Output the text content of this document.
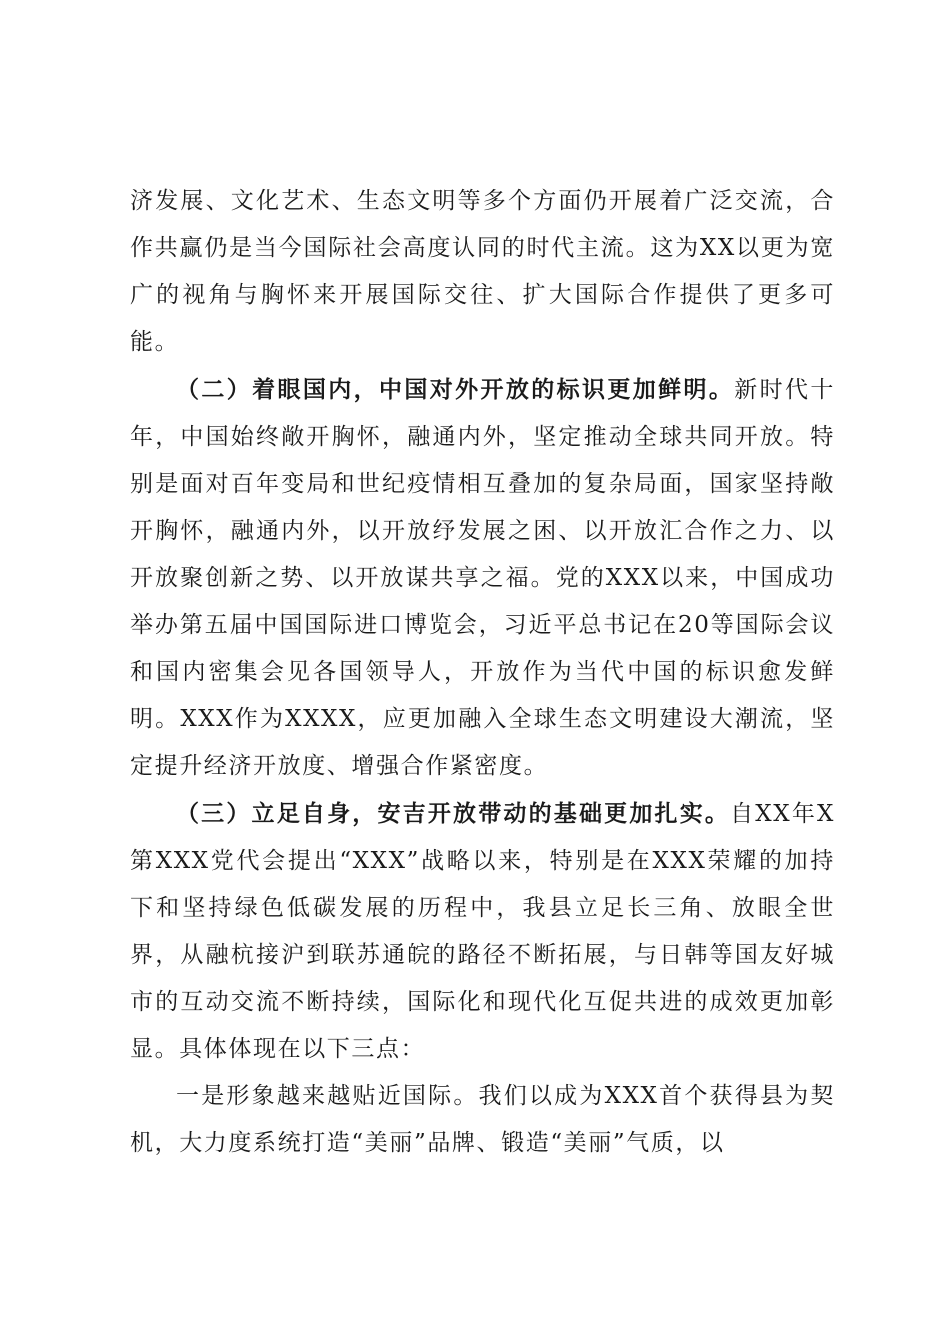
济发展、文化艺术、生态文明等多个方面仍开展着广泛交流，合作共赢仍是当今国际社会高度认同的时代主流。这为XX以更为宽广的视角与胸怀来开展国际交往、扩大国际合作提供了更多可能。

（二）着眼国内，中国对外开放的标识更加鲜明。新时代十年，中国始终敞开胸怀，融通内外，坚定推动全球共同开放。特别是面对百年变局和世纪疫情相互叠加的复杂局面，国家坚持敞开胸怀，融通内外，以开放纾发展之困、以开放汇合作之力、以开放聚创新之势、以开放谋共享之福。党的XXX以来，中国成功举办第五届中国国际进口博览会，习近平总书记在20等国际会议和国内密集会见各国领导人，开放作为当代中国的标识愈发鲜明。XXX作为XXXX，应更加融入全球生态文明建设大潮流，坚定提升经济开放度、增强合作紧密度。

（三）立足自身，安吉开放带动的基础更加扎实。自XX年X第XXX党代会提出“XXX”战略以来，特别是在XXX荣耀的加持下和坚持绿色低碳发展的历程中，我县立足长三角、放眼全世界，从融杭接沪到联苏通皖的路径不断拓展，与日韩等国友好城市的互动交流不断持续，国际化和现代化互促共进的成效更加彰显。具体体现在以下三点：

一是形象越来越贴近国际。我们以成为XXX首个获得县为契机，大力度系统打造“美丽”品牌、锻造“美丽”气质，以
